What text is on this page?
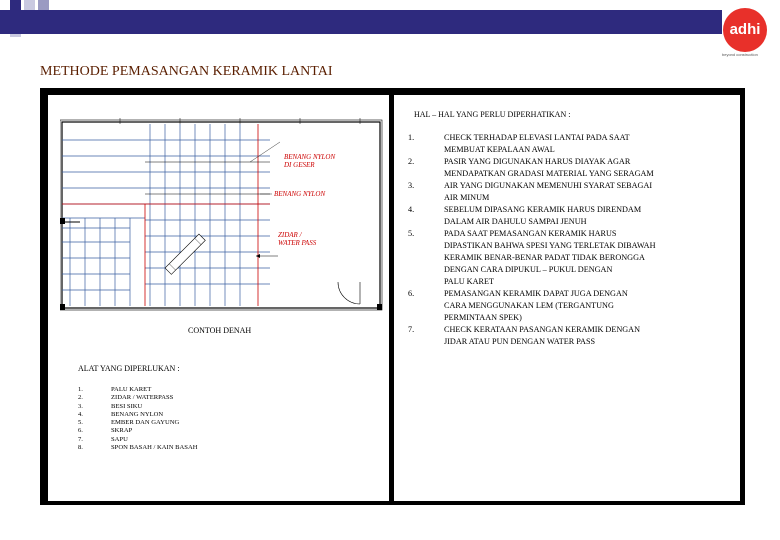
adhi
beyond construction
METHODE PEMASANGAN KERAMIK LANTAI
BENANG NYLON
DI GESER
BENANG NYLON
ZIDAR /
WATER PASS
CONTOH DENAH
HAL – HAL YANG PERLU DIPERHATIKAN :
1.	CHECK TERHADAP ELEVASI LANTAI PADA SAAT
MEMBUAT KEPALAAN AWAL
2.	PASIR YANG DIGUNAKAN HARUS DIAYAK AGAR
MENDAPATKAN GRADASI MATERIAL YANG SERAGAM
3.	AIR YANG DIGUNAKAN MEMENUHI SYARAT SEBAGAI
AIR MINUM
4.	SEBELUM DIPASANG KERAMIK HARUS DIRENDAM
DALAM AIR DAHULU SAMPAI JENUH
5.	PADA SAAT PEMASANGAN KERAMIK HARUS
DIPASTIKAN BAHWA SPESI YANG TERLETAK DIBAWAH
KERAMIK BENAR-BENAR PADAT TIDAK BERONGGA
DENGAN CARA DIPUKUL – PUKUL DENGAN
PALU KARET
6.	PEMASANGAN KERAMIK DAPAT JUGA DENGAN
CARA MENGGUNAKAN LEM (TERGANTUNG
PERMINTAAN SPEK)
7.	CHECK KERATAAN PASANGAN KERAMIK DENGAN
JIDAR ATAU PUN DENGAN WATER PASS
ALAT YANG DIPERLUKAN :
1.	PALU KARET
2.	ZIDAR / WATERPASS
3.	BESI SIKU
4.	BENANG NYLON
5.	EMBER DAN GAYUNG
6.	SKRAP
7.	SAPU
8.	SPON BASAH / KAIN BASAH
